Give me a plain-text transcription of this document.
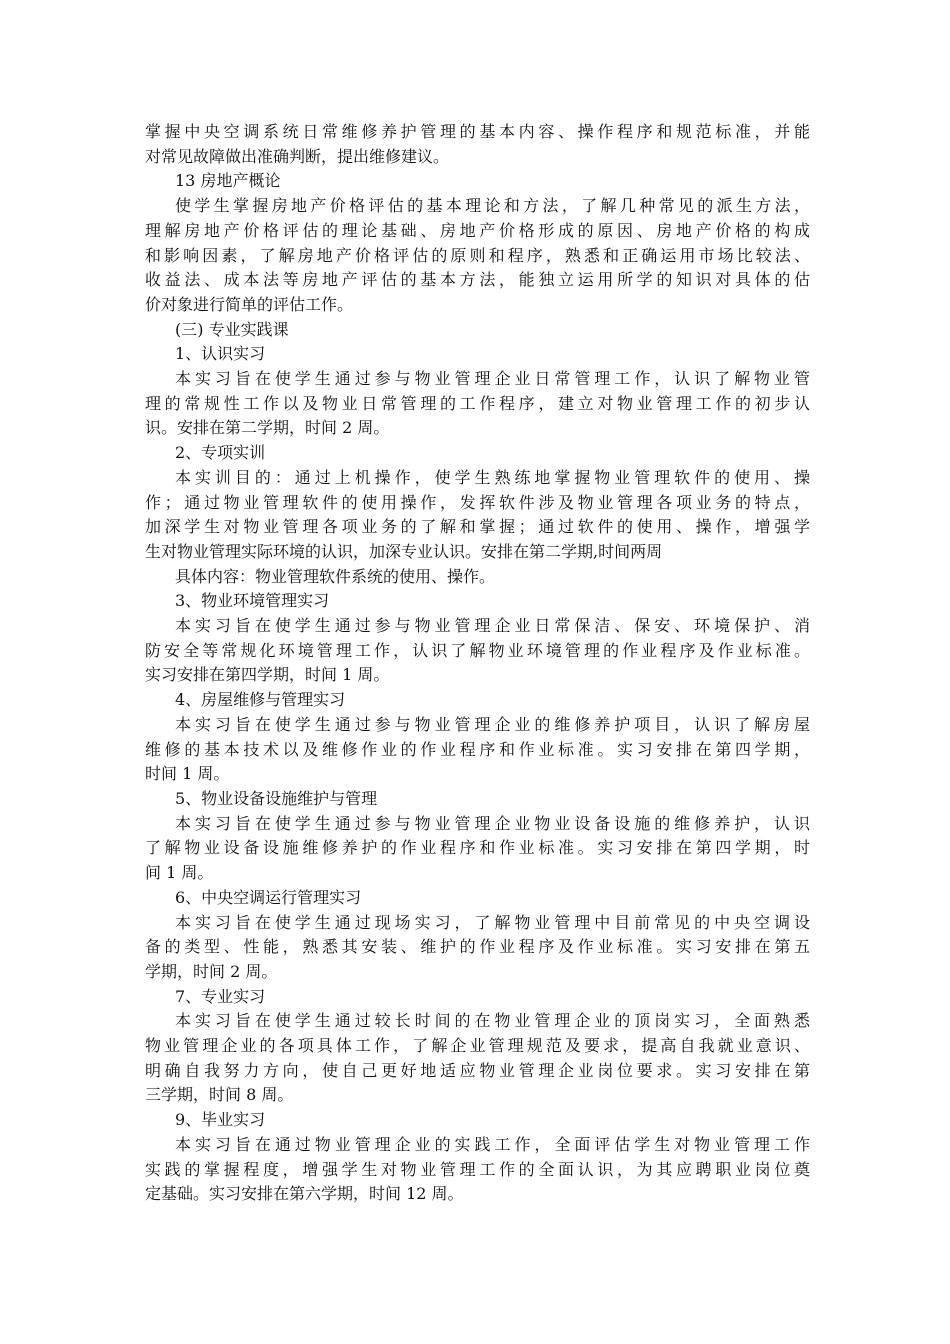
掌握中央空调系统日常维修养护管理的基本内容、操作程序和规范标准，并能
对常见故障做出准确判断，提出维修建议。

13 房地产概论

使学生掌握房地产价格评估的基本理论和方法，了解几种常见的派生方法，
理解房地产价格评估的理论基础、房地产价格形成的原因、房地产价格的构成
和影响因素，了解房地产价格评估的原则和程序，熟悉和正确运用市场比较法、
收益法、成本法等房地产评估的基本方法，能独立运用所学的知识对具体的估
价对象进行简单的评估工作。

(三) 专业实践课

1、认识实习

本实习旨在使学生通过参与物业管理企业日常管理工作，认识了解物业管
理的常规性工作以及物业日常管理的工作程序，建立对物业管理工作的初步认
识。安排在第二学期，时间 2 周。

2、专项实训

本实训目的：通过上机操作，使学生熟练地掌握物业管理软件的使用、操
作；通过物业管理软件的使用操作，发挥软件涉及物业管理各项业务的特点，
加深学生对物业管理各项业务的了解和掌握；通过软件的使用、操作，增强学
生对物业管理实际环境的认识，加深专业认识。安排在第二学期,时间两周

具体内容：物业管理软件系统的使用、操作。

3、物业环境管理实习

本实习旨在使学生通过参与物业管理企业日常保洁、保安、环境保护、消
防安全等常规化环境管理工作，认识了解物业环境管理的作业程序及作业标准。
实习安排在第四学期，时间 1 周。

4、房屋维修与管理实习

本实习旨在使学生通过参与物业管理企业的维修养护项目，认识了解房屋
维修的基本技术以及维修作业的作业程序和作业标准。实习安排在第四学期，
时间 1 周。

5、物业设备设施维护与管理

本实习旨在使学生通过参与物业管理企业物业设备设施的维修养护，认识
了解物业设备设施维修养护的作业程序和作业标准。实习安排在第四学期，时
间 1 周。

6、中央空调运行管理实习

本实习旨在使学生通过现场实习，了解物业管理中目前常见的中央空调设
备的类型、性能，熟悉其安装、维护的作业程序及作业标准。实习安排在第五
学期，时间 2 周。

7、专业实习

本实习旨在使学生通过较长时间的在物业管理企业的顶岗实习，全面熟悉
物业管理企业的各项具体工作，了解企业管理规范及要求，提高自我就业意识、
明确自我努力方向，使自己更好地适应物业管理企业岗位要求。实习安排在第
三学期，时间 8 周。

9、毕业实习

本实习旨在通过物业管理企业的实践工作，全面评估学生对物业管理工作
实践的掌握程度，增强学生对物业管理工作的全面认识，为其应聘职业岗位奠
定基础。实习安排在第六学期，时间 12 周。
